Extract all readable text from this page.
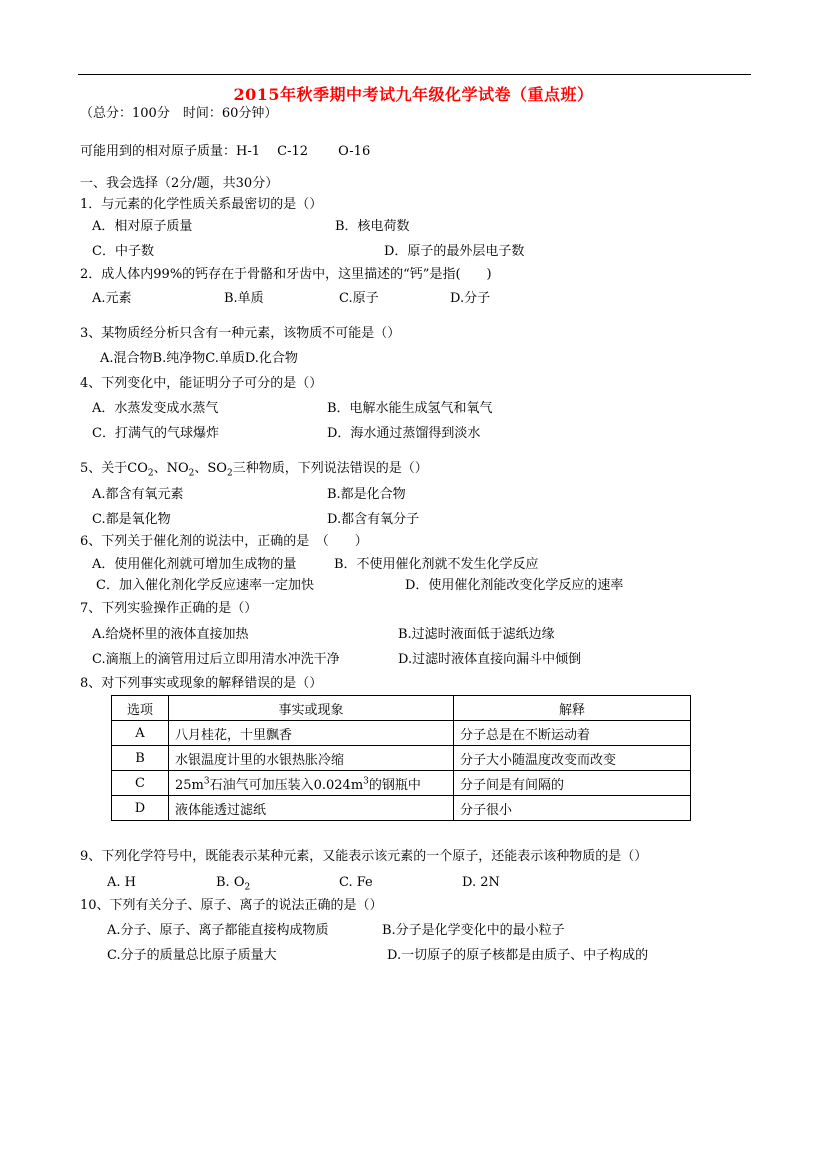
2015年秋季期中考试九年级化学试卷（重点班）
（总分：100分　时间：60分钟）
可能用到的相对原子质量：H-1　 C-12　　 O-16
一、我会选择（2分/题，共30分）
1．与元素的化学性质关系最密切的是（）
A．相对原子质量	B．核电荷数
C．中子数	D．原子的最外层电子数
2．成人体内99%的钙存在于骨骼和牙齿中，这里描述的“钙”是指(　　)
A.元素	B.单质	C.原子	D.分子
3、某物质经分析只含有一种元素，该物质不可能是（）
A.混合物B.纯净物C.单质D.化合物
4、下列变化中，能证明分子可分的是（）
A．水蒸发变成水蒸气	B．电解水能生成氢气和氧气
C．打满气的气球爆炸	D．海水通过蒸馏得到淡水
5、关于$CO_2$、$NO_2$、$SO_2$三种物质，下列说法错误的是（）
A.都含有氧元素	B.都是化合物
C.都是氧化物	D.都含有氧分子
6、下列关于催化剂的说法中，正确的是　（　　）
A．使用催化剂就可增加生成物的量	B．不使用催化剂就不发生化学反应
C．加入催化剂化学反应速率一定加快	D．使用催化剂能改变化学反应的速率
7、下列实验操作正确的是（）
A.给烧杯里的液体直接加热	B.过滤时液面低于滤纸边缘
C.滴瓶上的滴管用过后立即用清水冲洗干净	D.过滤时液体直接向漏斗中倾倒
8、对下列事实或现象的解释错误的是（）
选项	事实或现象	解释
A	八月桂花，十里飘香	分子总是在不断运动着
B	水银温度计里的水银热胀冷缩	分子大小随温度改变而改变
C	$25m^3$石油气可加压装入$0.024m^3$的钢瓶中	分子间是有间隔的
D	液体能透过滤纸	分子很小
9、下列化学符号中，既能表示某种元素，又能表示该元素的一个原子，还能表示该种物质的是（）
A. H	B. $O_2$	C. Fe	D. 2N
10、下列有关分子、原子、离子的说法正确的是（）
A.分子、原子、离子都能直接构成物质	B.分子是化学变化中的最小粒子
C.分子的质量总比原子质量大	D.一切原子的原子核都是由质子、中子构成的
